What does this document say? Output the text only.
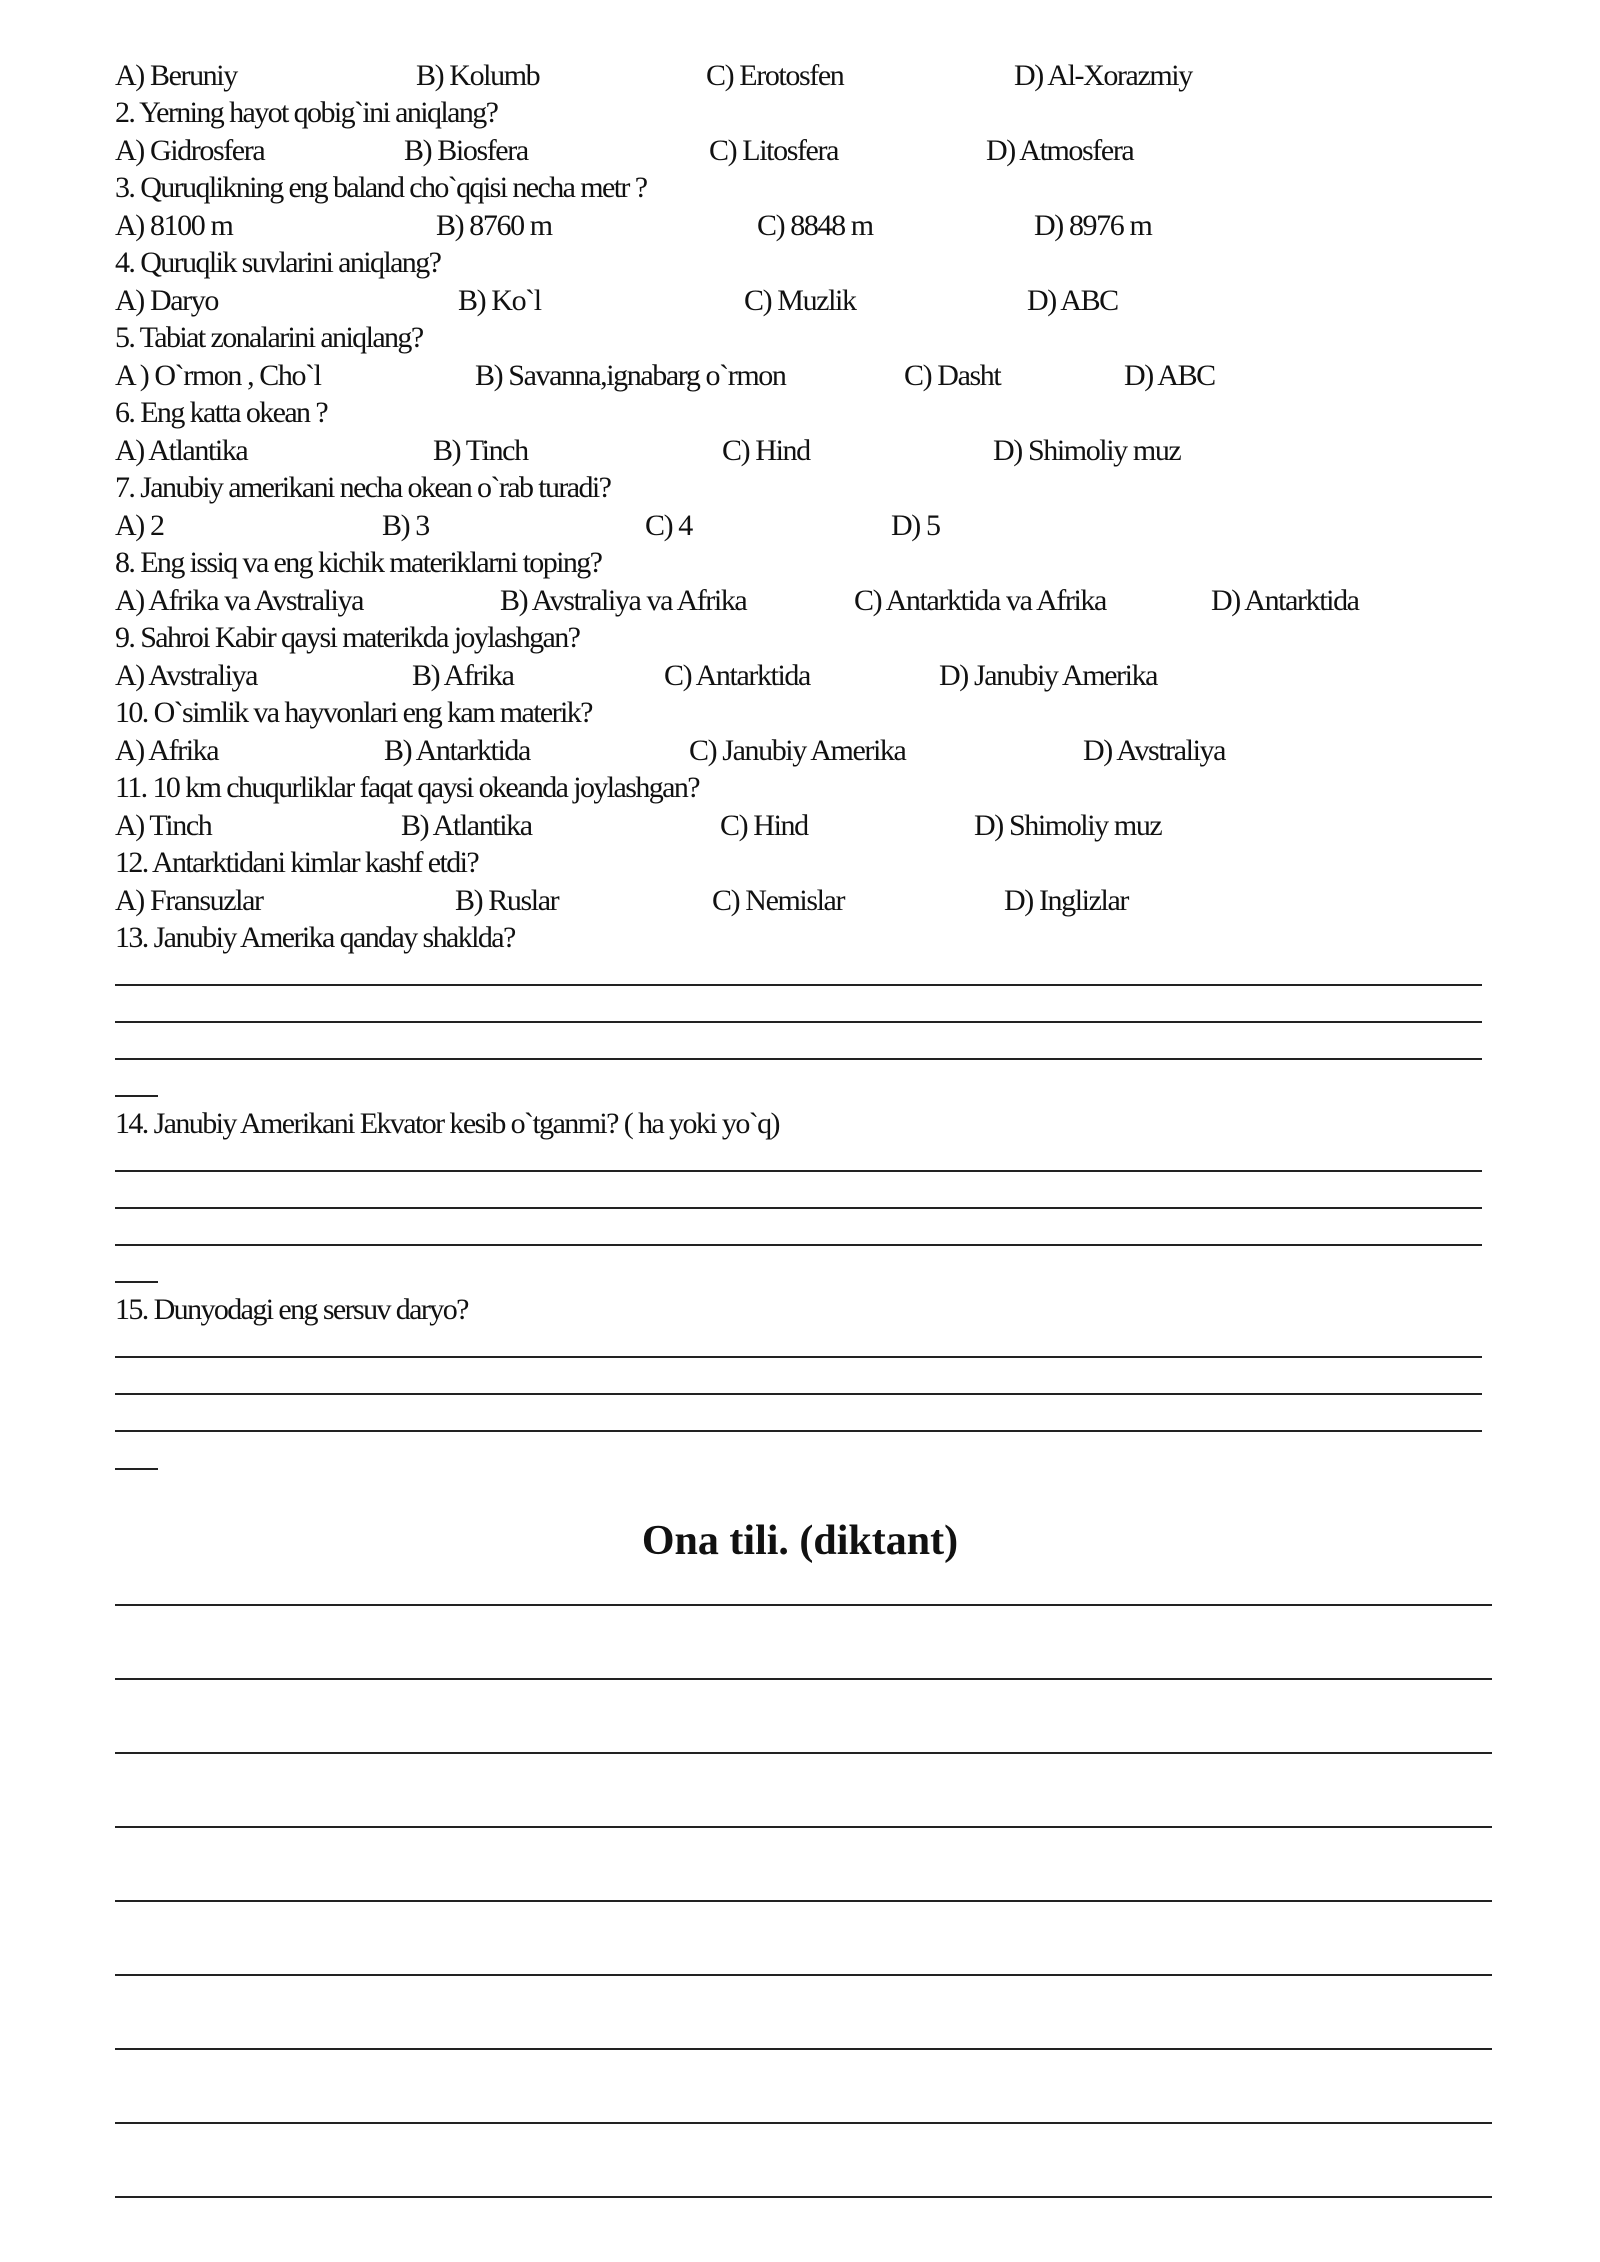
A) Beruniy	B) Kolumb	C) Erotosfen	D) Al-Xorazmiy
2. Yerning hayot qobig`ini aniqlang?
A) Gidrosfera	B) Biosfera	C) Litosfera	D) Atmosfera
3. Quruqlikning eng baland cho`qqisi necha metr ?
A) 8100 m	B) 8760 m	C) 8848 m	D) 8976 m
4. Quruqlik suvlarini aniqlang?
A) Daryo	B) Ko`l	C) Muzlik	D) ABC
5. Tabiat zonalarini aniqlang?
A ) O`rmon , Cho`l	B) Savanna,ignabarg o`rmon	C) Dasht	D) ABC
6. Eng katta okean ?
A) Atlantika	B) Tinch	C) Hind	D) Shimoliy muz
7. Janubiy amerikani necha okean o`rab turadi?
A) 2	B) 3	C) 4	D) 5
8. Eng issiq va eng kichik materiklarni toping?
A) Afrika va Avstraliya	B) Avstraliya va Afrika	C) Antarktida va Afrika	D) Antarktida
9. Sahroi Kabir qaysi materikda joylashgan?
A) Avstraliya	B) Afrika	C) Antarktida	D) Janubiy Amerika
10. O`simlik va hayvonlari eng kam materik?
A) Afrika	B) Antarktida	C) Janubiy Amerika	D) Avstraliya
11. 10 km chuqurliklar faqat qaysi okeanda joylashgan?
A) Tinch	B) Atlantika	C) Hind	D) Shimoliy muz
12. Antarktidani kimlar kashf etdi?
A) Fransuzlar	B) Ruslar	C) Nemislar	D) Inglizlar
13. Janubiy Amerika qanday shaklda?
14. Janubiy Amerikani Ekvator kesib o`tganmi? ( ha yoki yo`q)
15. Dunyodagi eng sersuv daryo?
Ona tili. (diktant)
